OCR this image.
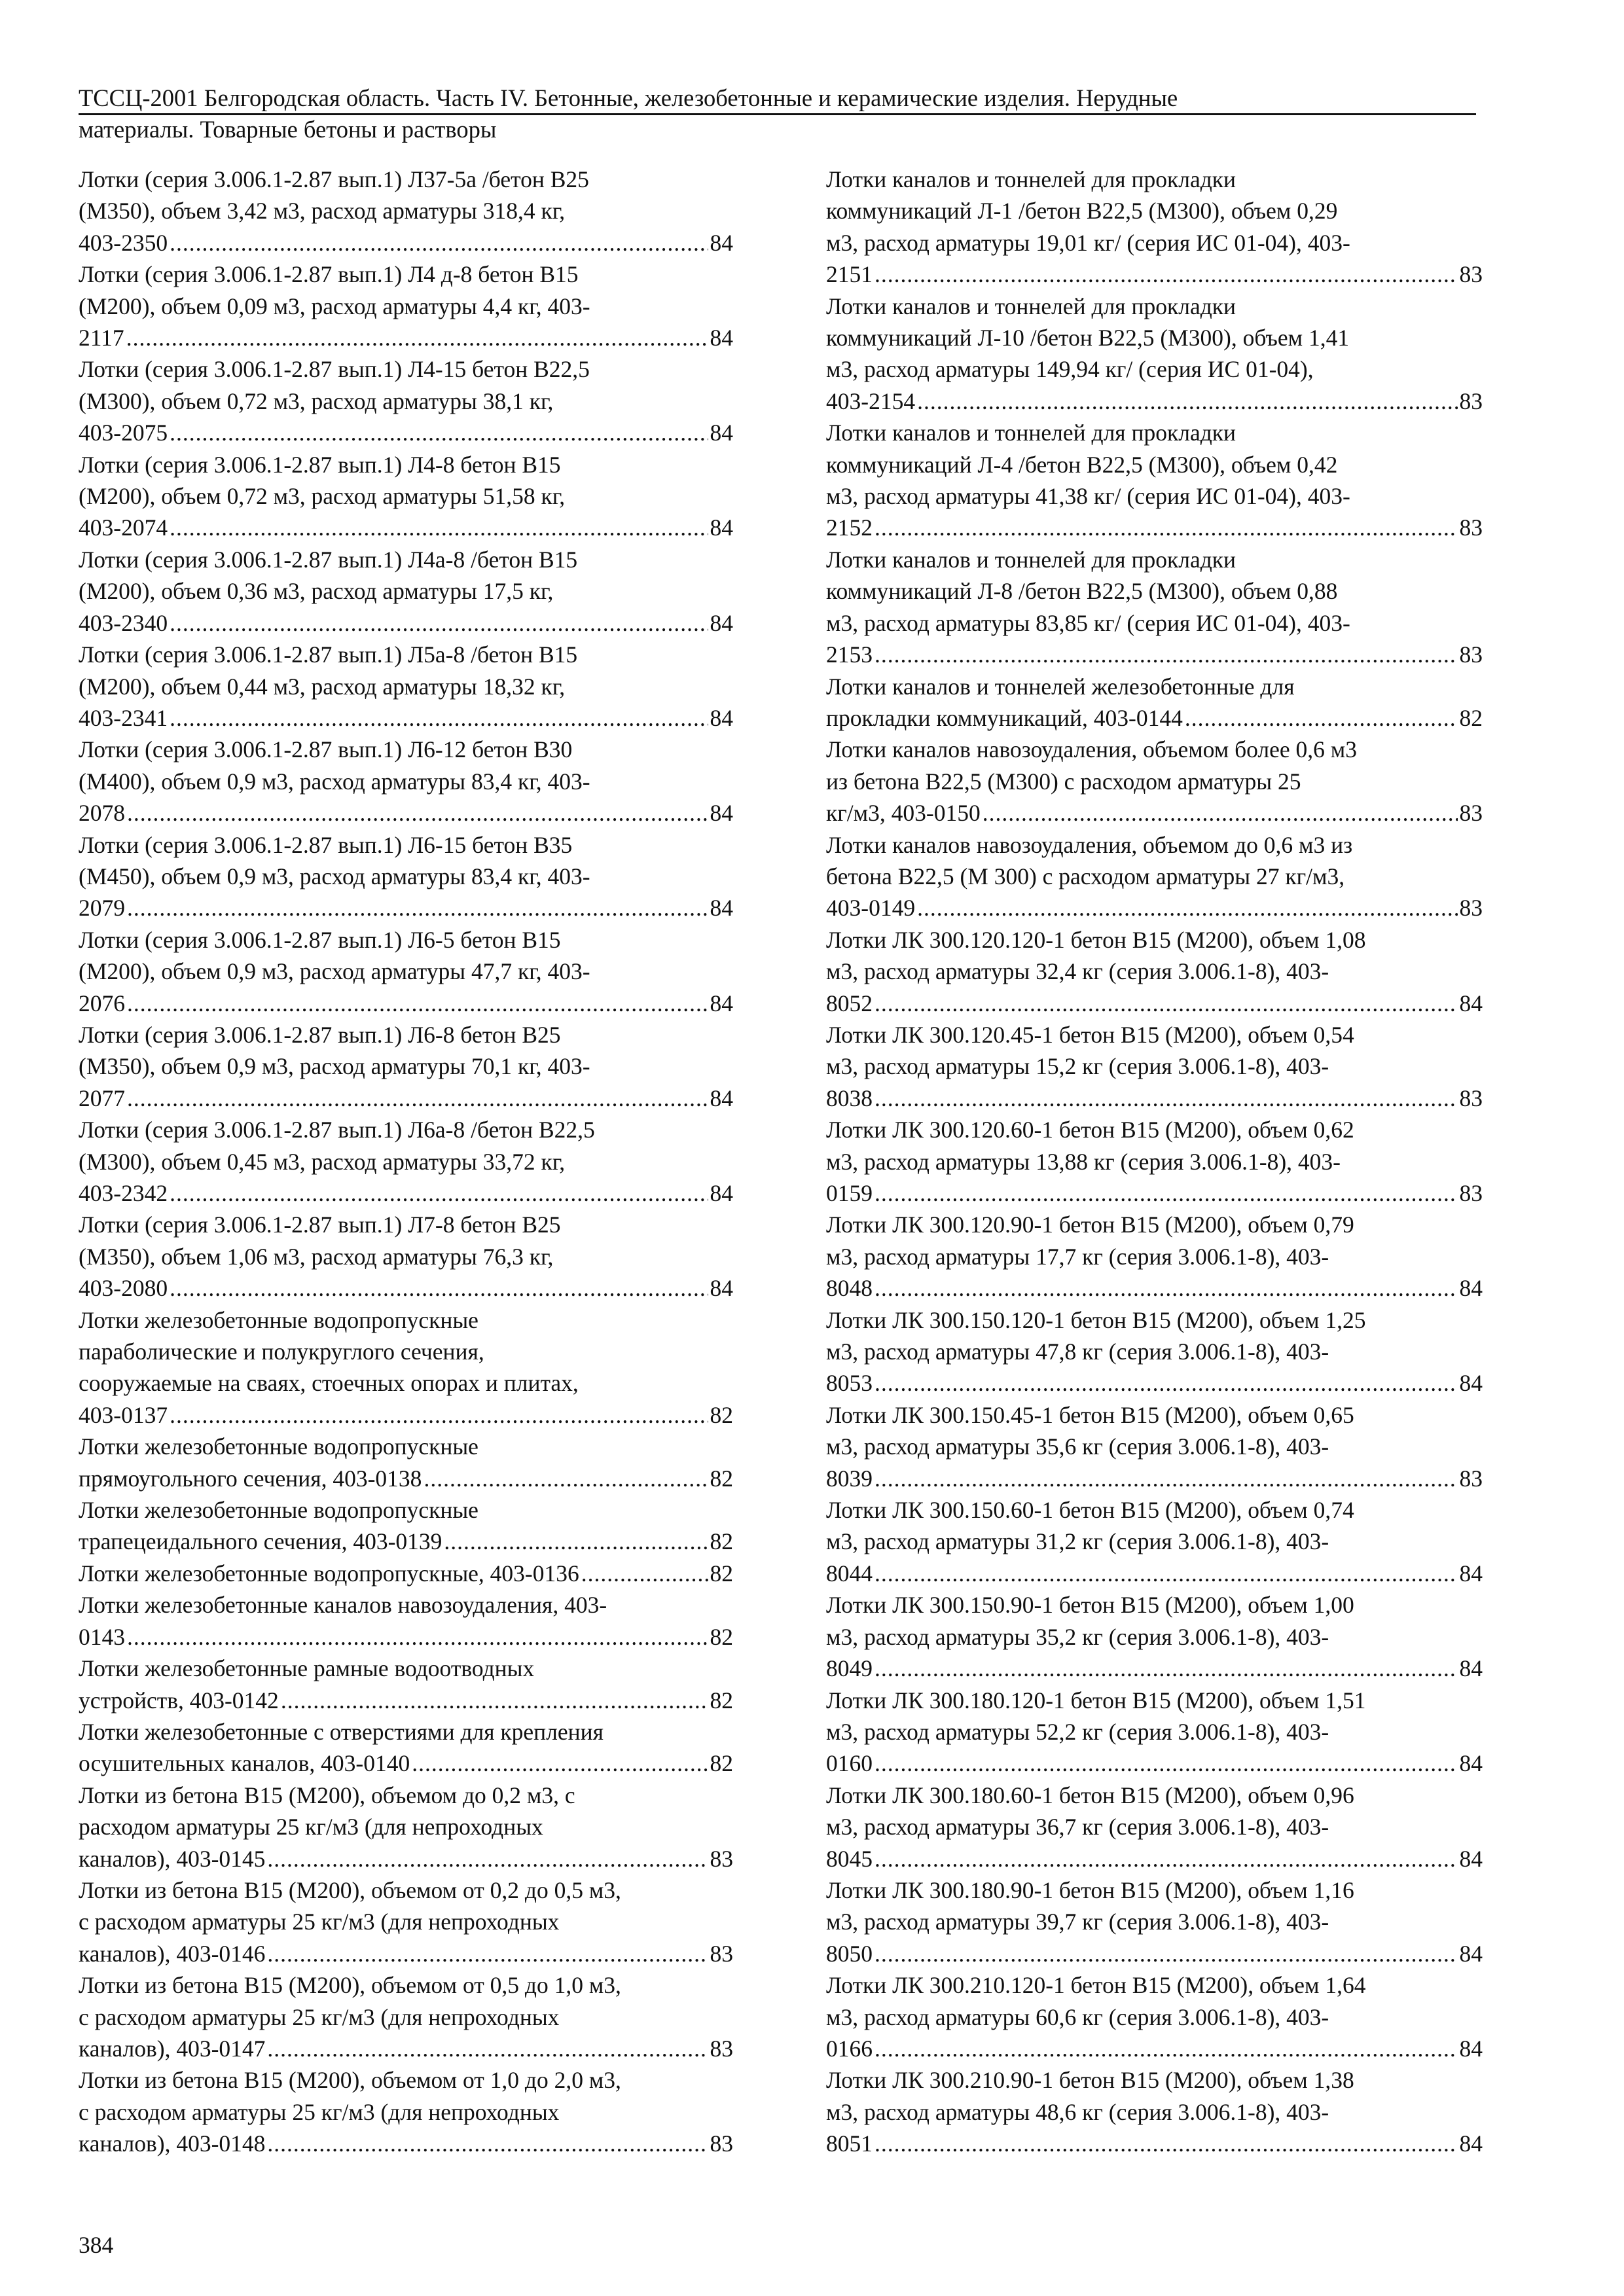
ТССЦ-2001 Белгородская область. Часть IV. Бетонные, железобетонные и керамические изделия. Нерудные
материалы. Товарные бетоны и растворы
Лотки (серия 3.006.1-2.87 вып.1) Л37-5а /бетон В25
(М350), объем 3,42 м3, расход арматуры 318,4 кг,
403-2350 .....	84
Лотки (серия 3.006.1-2.87 вып.1) Л4 д-8 бетон В15
(М200), объем 0,09 м3, расход арматуры 4,4 кг, 403-
2117 .....	84
Лотки (серия 3.006.1-2.87 вып.1) Л4-15 бетон В22,5
(М300), объем 0,72 м3, расход арматуры 38,1 кг,
403-2075 .....	84
Лотки (серия 3.006.1-2.87 вып.1) Л4-8 бетон В15
(М200), объем 0,72 м3, расход арматуры 51,58 кг,
403-2074 .....	84
Лотки (серия 3.006.1-2.87 вып.1) Л4а-8 /бетон В15
(М200), объем 0,36 м3, расход арматуры 17,5 кг,
403-2340 .....	84
Лотки (серия 3.006.1-2.87 вып.1) Л5а-8 /бетон В15
(М200), объем 0,44 м3, расход арматуры 18,32 кг,
403-2341 .....	84
Лотки (серия 3.006.1-2.87 вып.1) Л6-12 бетон В30
(М400), объем 0,9 м3, расход арматуры 83,4 кг, 403-
2078 .....	84
Лотки (серия 3.006.1-2.87 вып.1) Л6-15 бетон В35
(М450), объем 0,9 м3, расход арматуры 83,4 кг, 403-
2079 .....	84
Лотки (серия 3.006.1-2.87 вып.1) Л6-5 бетон В15
(М200), объем 0,9 м3, расход арматуры 47,7 кг, 403-
2076 .....	84
Лотки (серия 3.006.1-2.87 вып.1) Л6-8 бетон В25
(М350), объем 0,9 м3, расход арматуры 70,1 кг, 403-
2077 .....	84
Лотки (серия 3.006.1-2.87 вып.1) Л6а-8 /бетон В22,5
(М300), объем 0,45 м3, расход арматуры 33,72 кг,
403-2342 .....	84
Лотки (серия 3.006.1-2.87 вып.1) Л7-8 бетон В25
(М350), объем 1,06 м3, расход арматуры 76,3 кг,
403-2080 .....	84
Лотки железобетонные водопропускные
параболические и полукруглого сечения,
сооружаемые на сваях, стоечных опорах и плитах,
403-0137 .....	82
Лотки железобетонные водопропускные
прямоугольного сечения, 403-0138 .....	82
Лотки железобетонные водопропускные
трапецеидального сечения, 403-0139 .....	82
Лотки железобетонные водопропускные, 403-0136 .....	82
Лотки железобетонные каналов навозоудаления, 403-
0143 .....	82
Лотки железобетонные рамные водоотводных
устройств, 403-0142 .....	82
Лотки железобетонные с отверстиями для крепления
осушительных каналов, 403-0140 .....	82
Лотки из бетона В15 (М200), объемом до 0,2 м3, с
расходом арматуры 25 кг/м3 (для непроходных
каналов), 403-0145 .....	83
Лотки из бетона В15 (М200), объемом от 0,2 до 0,5 м3,
с расходом арматуры 25 кг/м3 (для непроходных
каналов), 403-0146 .....	83
Лотки из бетона В15 (М200), объемом от 0,5 до 1,0 м3,
с расходом арматуры 25 кг/м3 (для непроходных
каналов), 403-0147 .....	83
Лотки из бетона В15 (М200), объемом от 1,0 до 2,0 м3,
с расходом арматуры 25 кг/м3 (для непроходных
каналов), 403-0148 .....	83
Лотки каналов и тоннелей для прокладки
коммуникаций Л-1 /бетон В22,5 (М300), объем 0,29
м3, расход арматуры 19,01 кг/ (серия ИС 01-04), 403-
2151 .....	83
Лотки каналов и тоннелей для прокладки
коммуникаций Л-10 /бетон В22,5 (М300), объем 1,41
м3, расход арматуры 149,94 кг/ (серия ИС 01-04),
403-2154 .....	83
Лотки каналов и тоннелей для прокладки
коммуникаций Л-4 /бетон В22,5 (М300), объем 0,42
м3, расход арматуры 41,38 кг/ (серия ИС 01-04), 403-
2152 .....	83
Лотки каналов и тоннелей для прокладки
коммуникаций Л-8 /бетон В22,5 (М300), объем 0,88
м3, расход арматуры 83,85 кг/ (серия ИС 01-04), 403-
2153 .....	83
Лотки каналов и тоннелей железобетонные для
прокладки коммуникаций, 403-0144 .....	82
Лотки каналов навозоудаления, объемом более 0,6 м3
из бетона В22,5 (М300) с расходом арматуры 25
кг/м3, 403-0150 .....	83
Лотки каналов навозоудаления, объемом до 0,6 м3 из
бетона В22,5 (М 300) с расходом арматуры 27 кг/м3,
403-0149 .....	83
Лотки ЛК 300.120.120-1 бетон В15 (М200), объем 1,08
м3, расход арматуры 32,4 кг (серия 3.006.1-8), 403-
8052 .....	84
Лотки ЛК 300.120.45-1 бетон В15 (М200), объем 0,54
м3, расход арматуры 15,2 кг (серия 3.006.1-8), 403-
8038 .....	83
Лотки ЛК 300.120.60-1 бетон В15 (М200), объем 0,62
м3, расход арматуры 13,88 кг (серия 3.006.1-8), 403-
0159 .....	83
Лотки ЛК 300.120.90-1 бетон В15 (М200), объем 0,79
м3, расход арматуры 17,7 кг (серия 3.006.1-8), 403-
8048 .....	84
Лотки ЛК 300.150.120-1 бетон В15 (М200), объем 1,25
м3, расход арматуры 47,8 кг (серия 3.006.1-8), 403-
8053 .....	84
Лотки ЛК 300.150.45-1 бетон В15 (М200), объем 0,65
м3, расход арматуры 35,6 кг (серия 3.006.1-8), 403-
8039 .....	83
Лотки ЛК 300.150.60-1 бетон В15 (М200), объем 0,74
м3, расход арматуры 31,2 кг (серия 3.006.1-8), 403-
8044 .....	84
Лотки ЛК 300.150.90-1 бетон В15 (М200), объем 1,00
м3, расход арматуры 35,2 кг (серия 3.006.1-8), 403-
8049 .....	84
Лотки ЛК 300.180.120-1 бетон В15 (М200), объем 1,51
м3, расход арматуры 52,2 кг (серия 3.006.1-8), 403-
0160 .....	84
Лотки ЛК 300.180.60-1 бетон В15 (М200), объем 0,96
м3, расход арматуры 36,7 кг (серия 3.006.1-8), 403-
8045 .....	84
Лотки ЛК 300.180.90-1 бетон В15 (М200), объем 1,16
м3, расход арматуры 39,7 кг (серия 3.006.1-8), 403-
8050 .....	84
Лотки ЛК 300.210.120-1 бетон В15 (М200), объем 1,64
м3, расход арматуры 60,6 кг (серия 3.006.1-8), 403-
0166 .....	84
Лотки ЛК 300.210.90-1 бетон В15 (М200), объем 1,38
м3, расход арматуры 48,6 кг (серия 3.006.1-8), 403-
8051 .....	84
384
